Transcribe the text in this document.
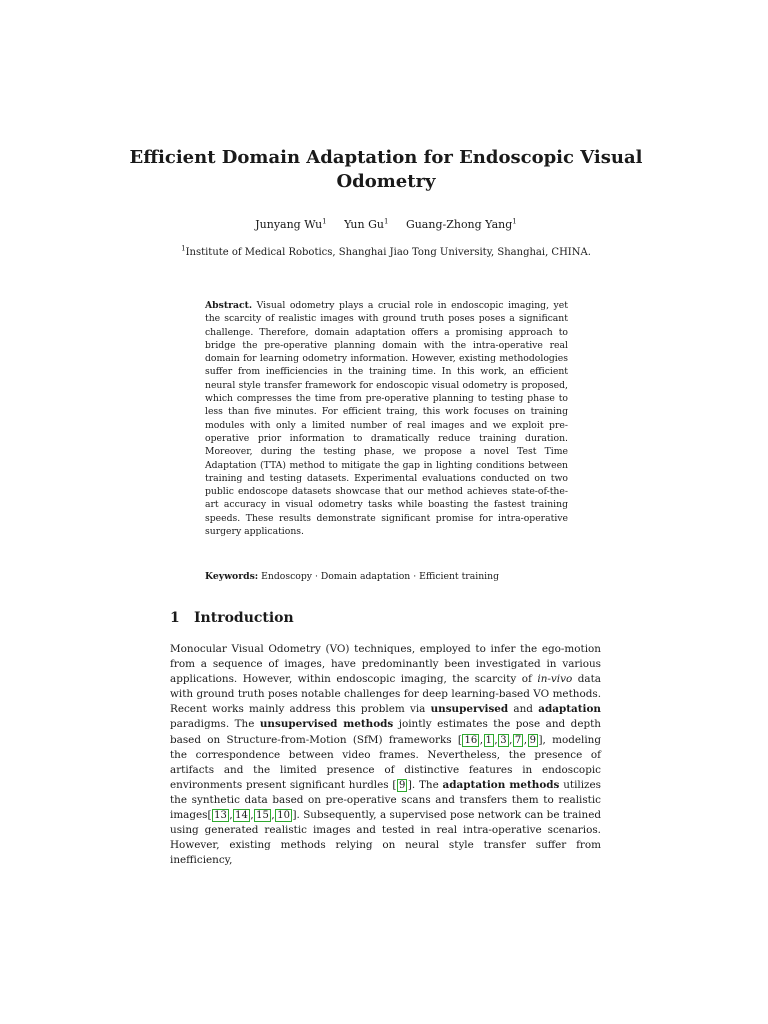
Efficient Domain Adaptation for Endoscopic Visual Odometry
Junyang Wu$^1$ Yun Gu$^1$ Guang-Zhong Yang$^1$
$^1$Institute of Medical Robotics, Shanghai Jiao Tong University, Shanghai, CHINA.
Abstract. Visual odometry plays a crucial role in endoscopic imaging, yet the scarcity of realistic images with ground truth poses poses a significant challenge. Therefore, domain adaptation offers a promising approach to bridge the pre-operative planning domain with the intra-operative real domain for learning odometry information. However, existing methodologies suffer from inefficiencies in the training time. In this work, an efficient neural style transfer framework for endoscopic visual odometry is proposed, which compresses the time from pre-operative planning to testing phase to less than five minutes. For efficient traing, this work focuses on training modules with only a limited number of real images and we exploit pre-operative prior information to dramatically reduce training duration. Moreover, during the testing phase, we propose a novel Test Time Adaptation (TTA) method to mitigate the gap in lighting conditions between training and testing datasets. Experimental evaluations conducted on two public endoscope datasets showcase that our method achieves state-of-the-art accuracy in visual odometry tasks while boasting the fastest training speeds. These results demonstrate significant promise for intra-operative surgery applications.
Keywords: Endoscopy · Domain adaptation · Efficient training
1 Introduction
Monocular Visual Odometry (VO) techniques, employed to infer the ego-motion from a sequence of images, have predominantly been investigated in various applications. However, within endoscopic imaging, the scarcity of in-vivo data with ground truth poses notable challenges for deep learning-based VO methods. Recent works mainly address this problem via unsupervised and adaptation paradigms. The unsupervised methods jointly estimates the pose and depth based on Structure-from-Motion (SfM) frameworks [ 16 , 1 , 3 , 7 , 9 ], modeling the correspondence between video frames. Nevertheless, the presence of artifacts and the limited presence of distinctive features in endoscopic environments present significant hurdles [ 9 ]. The adaptation methods utilizes the synthetic data based on pre-operative scans and transfers them to realistic images[ 13 , 14 , 15 , 10 ]. Subsequently, a supervised pose network can be trained using generated realistic images and tested in real intra-operative scenarios. However, existing methods relying on neural style transfer suffer from inefficiency,
